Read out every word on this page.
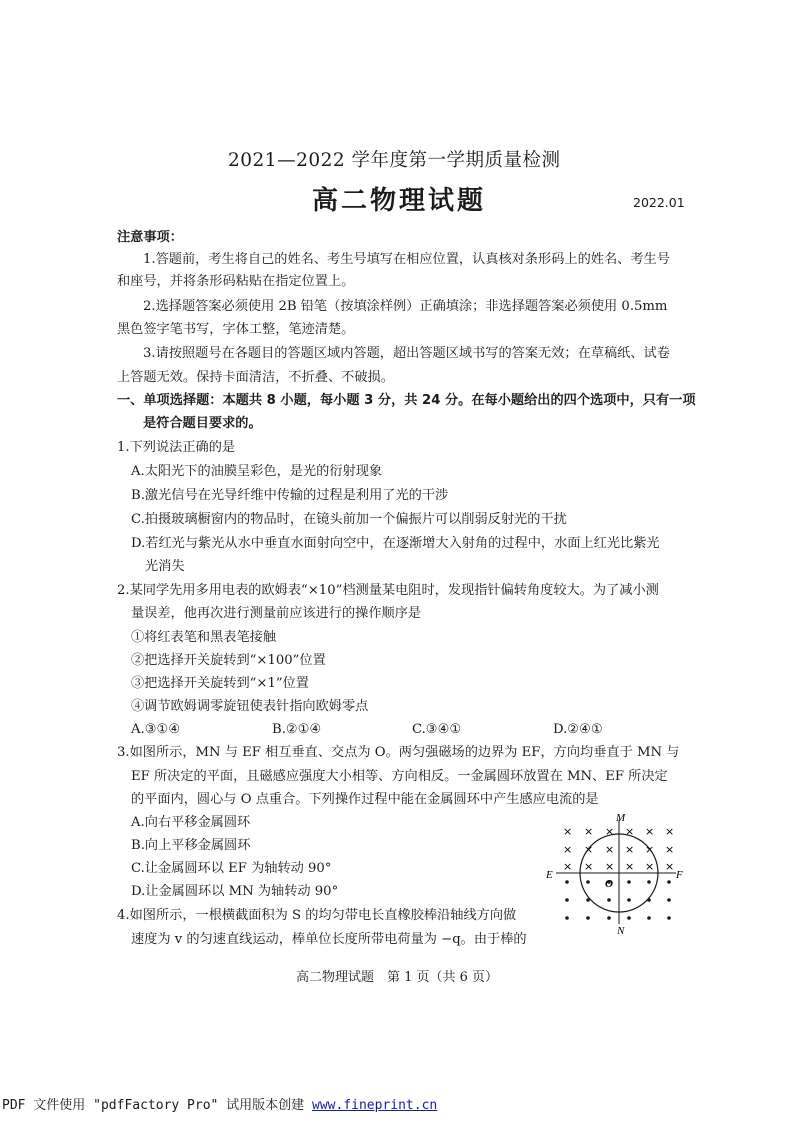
2021—2022 学年度第一学期质量检测
高二物理试题	2022.01
注意事项：
1.答题前，考生将自己的姓名、考生号填写在相应位置，认真核对条形码上的姓名、考生号
和座号，并将条形码粘贴在指定位置上。
2.选择题答案必须使用 2B 铅笔（按填涂样例）正确填涂；非选择题答案必须使用 0.5mm
黑色签字笔书写，字体工整，笔迹清楚。
3.请按照题号在各题目的答题区域内答题，超出答题区域书写的答案无效；在草稿纸、试卷
上答题无效。保持卡面清洁，不折叠、不破损。
一、单项选择题：本题共 8 小题，每小题 3 分，共 24 分。在每小题给出的四个选项中，只有一项
是符合题目要求的。
1.下列说法正确的是
A.太阳光下的油膜呈彩色，是光的衍射现象
B.激光信号在光导纤维中传输的过程是利用了光的干涉
C.拍摄玻璃橱窗内的物品时，在镜头前加一个偏振片可以削弱反射光的干扰
D.若红光与紫光从水中垂直水面射向空中，在逐渐增大入射角的过程中，水面上红光比紫光
光消失
2.某同学先用多用电表的欧姆表“×10”档测量某电阻时，发现指针偏转角度较大。为了减小测
量误差，他再次进行测量前应该进行的操作顺序是
①将红表笔和黑表笔接触
②把选择开关旋转到“×100”位置
③把选择开关旋转到“×1”位置
④调节欧姆调零旋钮使表针指向欧姆零点
A.③①④	B.②①④	C.③④①	D.②④①
3.如图所示，MN 与 EF 相互垂直、交点为 O。两匀强磁场的边界为 EF，方向均垂直于 MN 与
EF 所决定的平面，且磁感应强度大小相等、方向相反。一金属圆环放置在 MN、EF 所决定
的平面内，圆心与 O 点重合。下列操作过程中能在金属圆环中产生感应电流的是
A.向右平移金属圆环
B.向上平移金属圆环
C.让金属圆环以 EF 为轴转动 90°
D.让金属圆环以 MN 为轴转动 90°
4.如图所示，一根横截面积为 S 的均匀带电长直橡胶棒沿轴线方向做
速度为 v 的匀速直线运动，棒单位长度所带电荷量为 −q。由于棒的
× × × × × ×
× × × × × ×
× × × × × ×
M
N
E	F
O
高二物理试题　第 1 页（共 6 页）
PDF 文件使用 "pdfFactory Pro" 试用版本创建 www.fineprint.cn
